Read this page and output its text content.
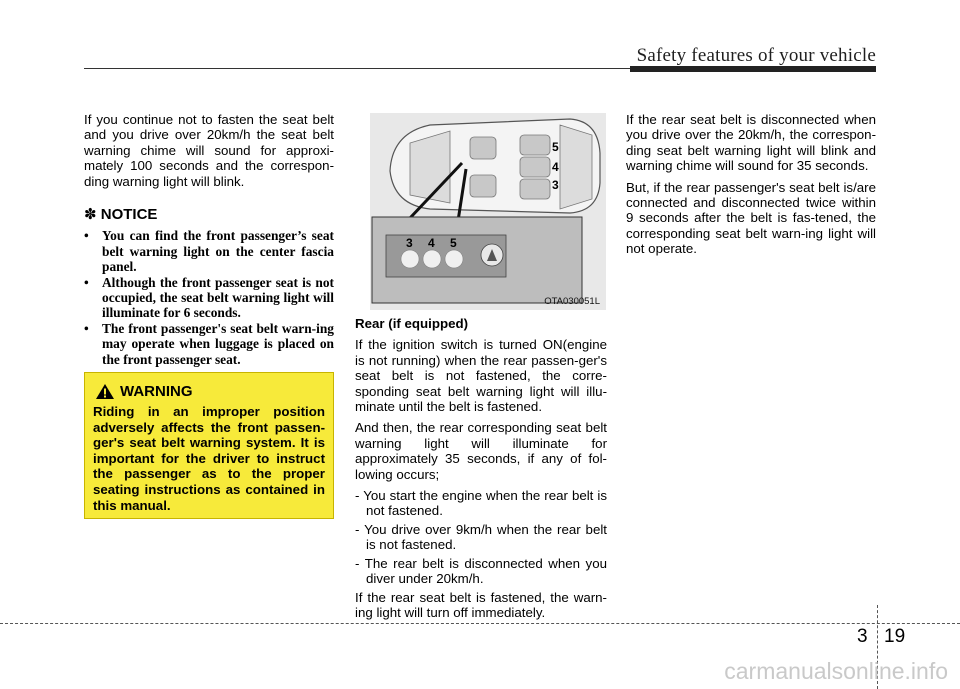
Safety features of your vehicle

If you continue not to fasten the seat belt and you drive over 20km/h the seat belt warning chime will sound for approxi-mately 100 seconds and the correspon-ding warning light will blink.

✽ NOTICE
• You can find the front passenger’s seat belt warning light on the center fascia panel.
• Although the front passenger seat is not occupied, the seat belt warning light will illuminate for 6 seconds.
• The front passenger's seat belt warn-ing may operate when luggage is placed on the front passenger seat.
WARNING
Riding in an improper position adversely affects the front passen-ger's seat belt warning system. It is important for the driver to instruct the passenger as to the proper seating instructions as contained in this manual.
5
4
3
3 4 5
OTA030051L

Rear (if equipped)

If the ignition switch is turned ON(engine is not running) when the rear passen-ger's seat belt is not fastened, the corre-sponding seat belt warning light will illu-minate until the belt is fastened.

And then, the rear corresponding seat belt warning light will illuminate for approximately 35 seconds, if any of fol-lowing occurs;

- You start the engine when the rear belt is not fastened.

- You drive over 9km/h when the rear belt is not fastened.

- The rear belt is disconnected when you diver under 20km/h.

If the rear seat belt is fastened, the warn-ing light will turn off immediately.

If the rear seat belt is disconnected when you drive over the 20km/h, the correspon-ding seat belt warning light will blink and warning chime will sound for 35 seconds.

But, if the rear passenger's seat belt is/are connected and disconnected twice within 9 seconds after the belt is fas-tened, the corresponding seat belt warn-ing light will not operate.

3 19
carmanualsonline.info
